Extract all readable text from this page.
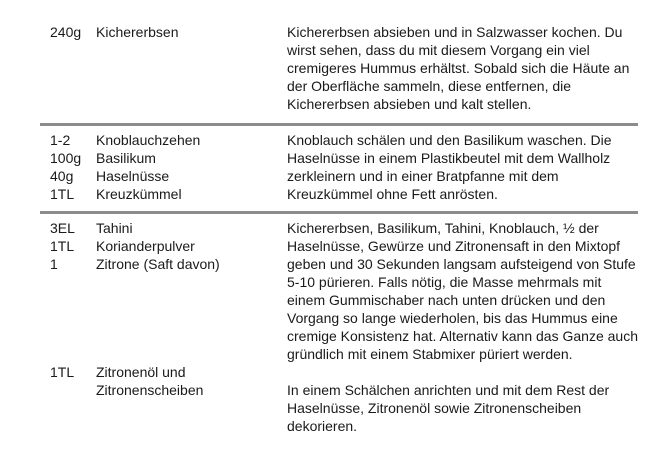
240g	Kichererbsen	Kichererbsen absieben und in Salzwasser kochen. Du
wirst sehen, dass du mit diesem Vorgang ein viel
cremigeres Hummus erhältst. Sobald sich die Häute an
der Oberfläche sammeln, diese entfernen, die
Kichererbsen absieben und kalt stellen.
1-2	Knoblauchzehen
100g	Basilikum
40g	Haselnüsse
1TL	Kreuzkümmel
Knoblauch schälen und den Basilikum waschen. Die
Haselnüsse in einem Plastikbeutel mit dem Wallholz
zerkleinern und in einer Bratpfanne mit dem
Kreuzkümmel ohne Fett anrösten.
3EL	Tahini
1TL	Korianderpulver
1	Zitrone (Saft davon)
Kichererbsen, Basilikum, Tahini, Knoblauch, ½ der
Haselnüsse, Gewürze und Zitronensaft in den Mixtopf
geben und 30 Sekunden langsam aufsteigend von Stufe
5-10 pürieren. Falls nötig, die Masse mehrmals mit
einem Gummischaber nach unten drücken und den
Vorgang so lange wiederholen, bis das Hummus eine
cremige Konsistenz hat. Alternativ kann das Ganze auch
gründlich mit einem Stabmixer püriert werden.
1TL	Zitronenöl und Zitronenscheiben	In einem Schälchen anrichten und mit dem Rest der
Haselnüsse, Zitronenöl sowie Zitronenscheiben
dekorieren.
